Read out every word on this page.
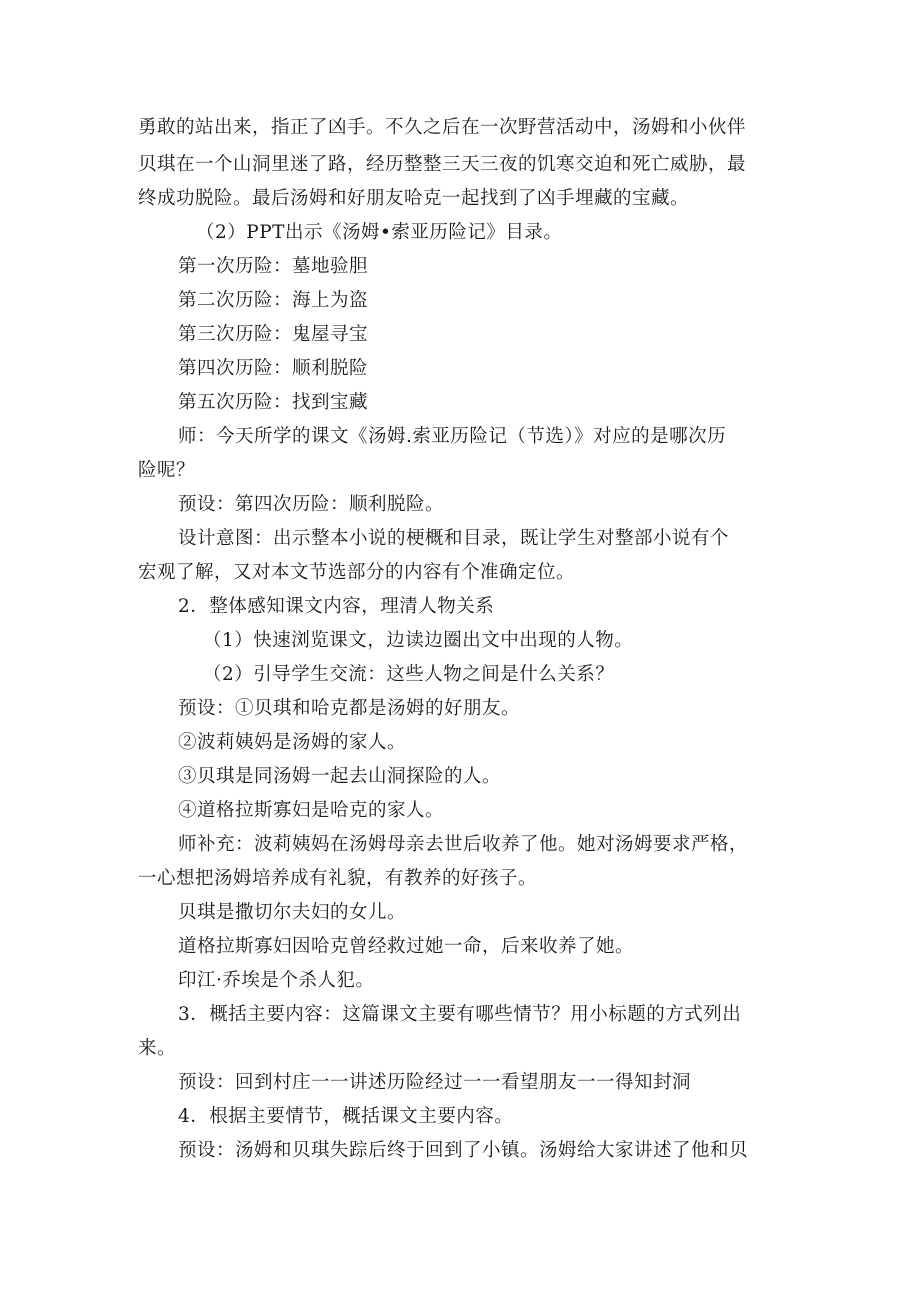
勇敢的站出来，指正了凶手。不久之后在一次野营活动中，汤姆和小伙伴
贝琪在一个山洞里迷了路，经历整整三天三夜的饥寒交迫和死亡威胁，最
终成功脱险。最后汤姆和好朋友哈克一起找到了凶手埋藏的宝藏。
（2）PPT出示《汤姆•索亚历险记》目录。
第一次历险：墓地验胆
第二次历险：海上为盗
第三次历险：鬼屋寻宝
第四次历险：顺利脱险
第五次历险：找到宝藏
师：今天所学的课文《汤姆.索亚历险记（节选）》对应的是哪次历
险呢？
预设：第四次历险：顺利脱险。
设计意图：出示整本小说的梗概和目录，既让学生对整部小说有个
宏观了解，又对本文节选部分的内容有个准确定位。
2．整体感知课文内容，理清人物关系
（1）快速浏览课文，边读边圈出文中出现的人物。
（2）引导学生交流：这些人物之间是什么关系？
预设：①贝琪和哈克都是汤姆的好朋友。
②波莉姨妈是汤姆的家人。
③贝琪是同汤姆一起去山洞探险的人。
④道格拉斯寡妇是哈克的家人。
师补充：波莉姨妈在汤姆母亲去世后收养了他。她对汤姆要求严格，
一心想把汤姆培养成有礼貌，有教养的好孩子。
贝琪是撒切尔夫妇的女儿。
道格拉斯寡妇因哈克曾经救过她一命，后来收养了她。
印江·乔埃是个杀人犯。
3．概括主要内容：这篇课文主要有哪些情节？用小标题的方式列出
来。
预设：回到村庄一一讲述历险经过一一看望朋友一一得知封洞
4．根据主要情节，概括课文主要内容。
预设：汤姆和贝琪失踪后终于回到了小镇。汤姆给大家讲述了他和贝
